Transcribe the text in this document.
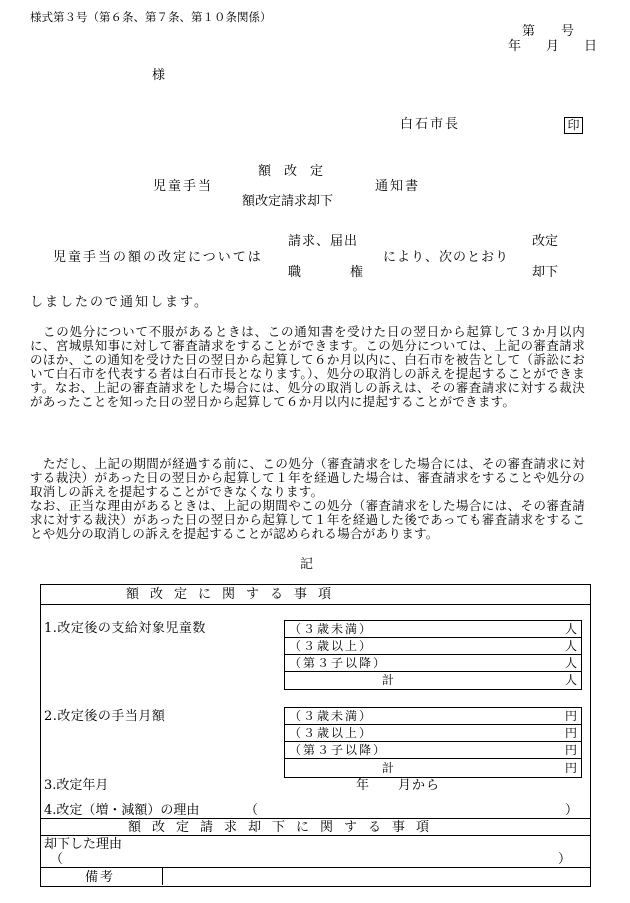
様式第３号（第６条、第７条、第１０条関係）
第　　号
年　月　日
様
白石市長	印
額　改　定
児童手当	通知書
額改定請求却下
請求、届出	改定
児童手当の額の改定については	により、次のとおり
職	権	却下
しましたので通知します。
この処分について不服があるときは、この通知書を受けた日の翌日から起算して３か月以内に、宮城県知事に対して審査請求をすることができます。この処分については、上記の審査請求のほか、この通知を受けた日の翌日から起算して６か月以内に、白石市を被告として（訴訟において白石市を代表する者は白石市長となります。）、処分の取消しの訴えを提起することができます。なお、上記の審査請求をした場合には、処分の取消しの訴えは、その審査請求に対する裁決があったことを知った日の翌日から起算して６か月以内に提起することができます。
ただし、上記の期間が経過する前に、この処分（審査請求をした場合には、その審査請求に対する裁決）があった日の翌日から起算して１年を経過した場合は、審査請求をすることや処分の取消しの訴えを提起することができなくなります。
なお、正当な理由があるときは、上記の期間やこの処分（審査請求をした場合には、その審査請求に対する裁決）があった日の翌日から起算して１年を経過した後であっても審査請求をすることや処分の取消しの訴えを提起することが認められる場合があります。
記
額改定に関する事項
1.改定後の支給対象児童数	（３歳未満）	人
（３歳以上）	人
（第３子以降）	人
計	人
2.改定後の手当月額	（３歳未満）	円
（３歳以上）	円
（第３子以降）	円
計	円
3.改定年月	年　　月から
4.改定（増・減額）の理由	（	）
額改定請求却下に関する事項
却下した理由
（	）
備考
